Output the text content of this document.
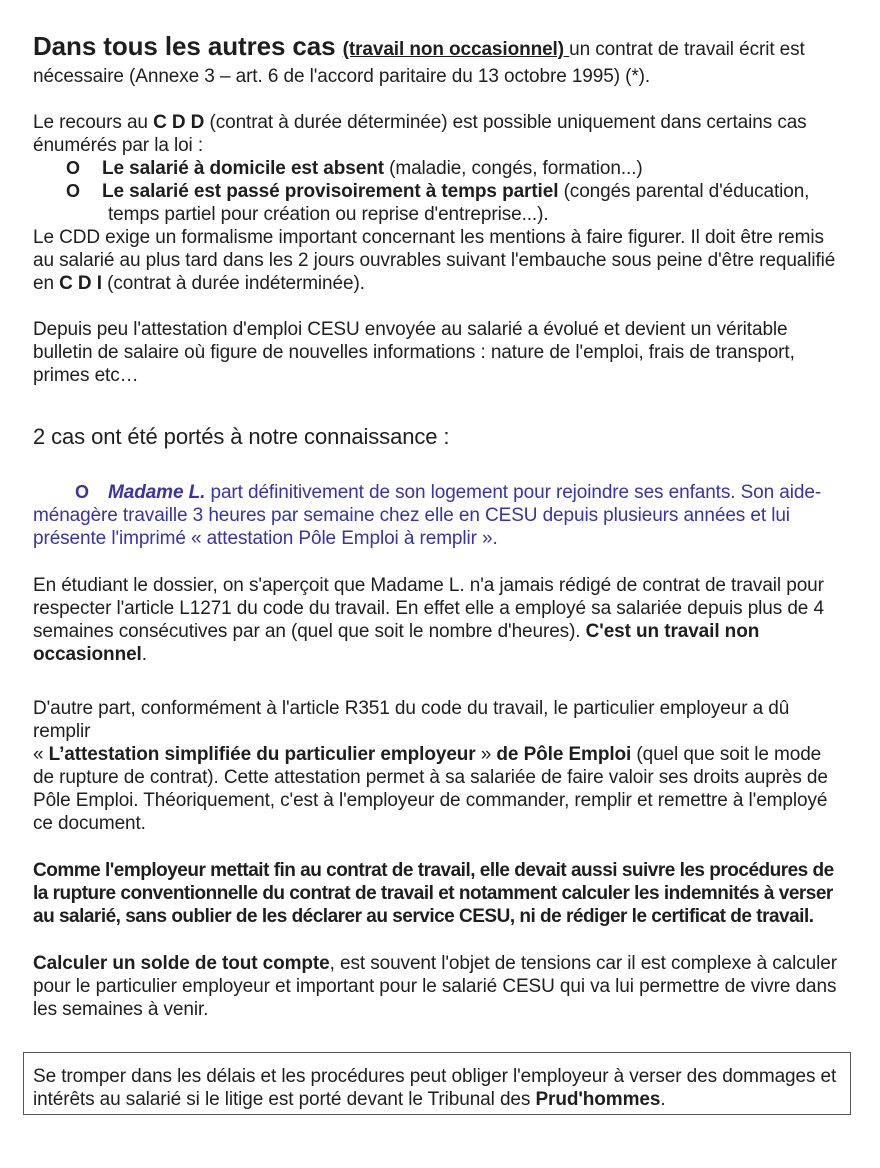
Dans tous les autres cas (travail non occasionnel) un contrat de travail écrit est
nécessaire (Annexe 3 – art. 6 de l'accord paritaire du 13 octobre 1995) (*).

Le recours au C D D (contrat à durée déterminée) est possible uniquement dans certains cas énumérés par la loi :

O Le salarié à domicile est absent (maladie, congés, formation...)

O Le salarié est passé provisoirement à temps partiel (congés parental d'éducation, temps partiel pour création ou reprise d'entreprise...).

Le CDD exige un formalisme important concernant les mentions à faire figurer. Il doit être remis au salarié au plus tard dans les 2 jours ouvrables suivant l'embauche sous peine d'être requalifié en C D I (contrat à durée indéterminée).

Depuis peu l'attestation d'emploi CESU envoyée au salarié a évolué et devient un véritable bulletin de salaire où figure de nouvelles informations : nature de l'emploi, frais de transport, primes etc…

2 cas ont été portés à notre connaissance :

O Madame L. part définitivement de son logement pour rejoindre ses enfants. Son aide-ménagère travaille 3 heures par semaine chez elle en CESU depuis plusieurs années et lui présente l'imprimé « attestation Pôle Emploi à remplir ».

En étudiant le dossier, on s'aperçoit que Madame L. n'a jamais rédigé de contrat de travail pour respecter l'article L1271 du code du travail. En effet elle a employé sa salariée depuis plus de 4 semaines consécutives par an (quel que soit le nombre d'heures). C'est un travail non occasionnel.

D'autre part, conformément à l'article R351 du code du travail, le particulier employeur a dû remplir
« L’attestation simplifiée du particulier employeur » de Pôle Emploi (quel que soit le mode de rupture de contrat). Cette attestation permet à sa salariée de faire valoir ses droits auprès de Pôle Emploi. Théoriquement, c'est à l'employeur de commander, remplir et remettre à l'employé ce document.

Comme l'employeur mettait fin au contrat de travail, elle devait aussi suivre les procédures de la rupture conventionnelle du contrat de travail et notamment calculer les indemnités à verser au salarié, sans oublier de les déclarer au service CESU, ni de rédiger le certificat de travail.

Calculer un solde de tout compte, est souvent l'objet de tensions car il est complexe à calculer pour le particulier employeur et important pour le salarié CESU qui va lui permettre de vivre dans les semaines à venir.

Se tromper dans les délais et les procédures peut obliger l'employeur à verser des dommages et intérêts au salarié si le litige est porté devant le Tribunal des Prud'hommes.
